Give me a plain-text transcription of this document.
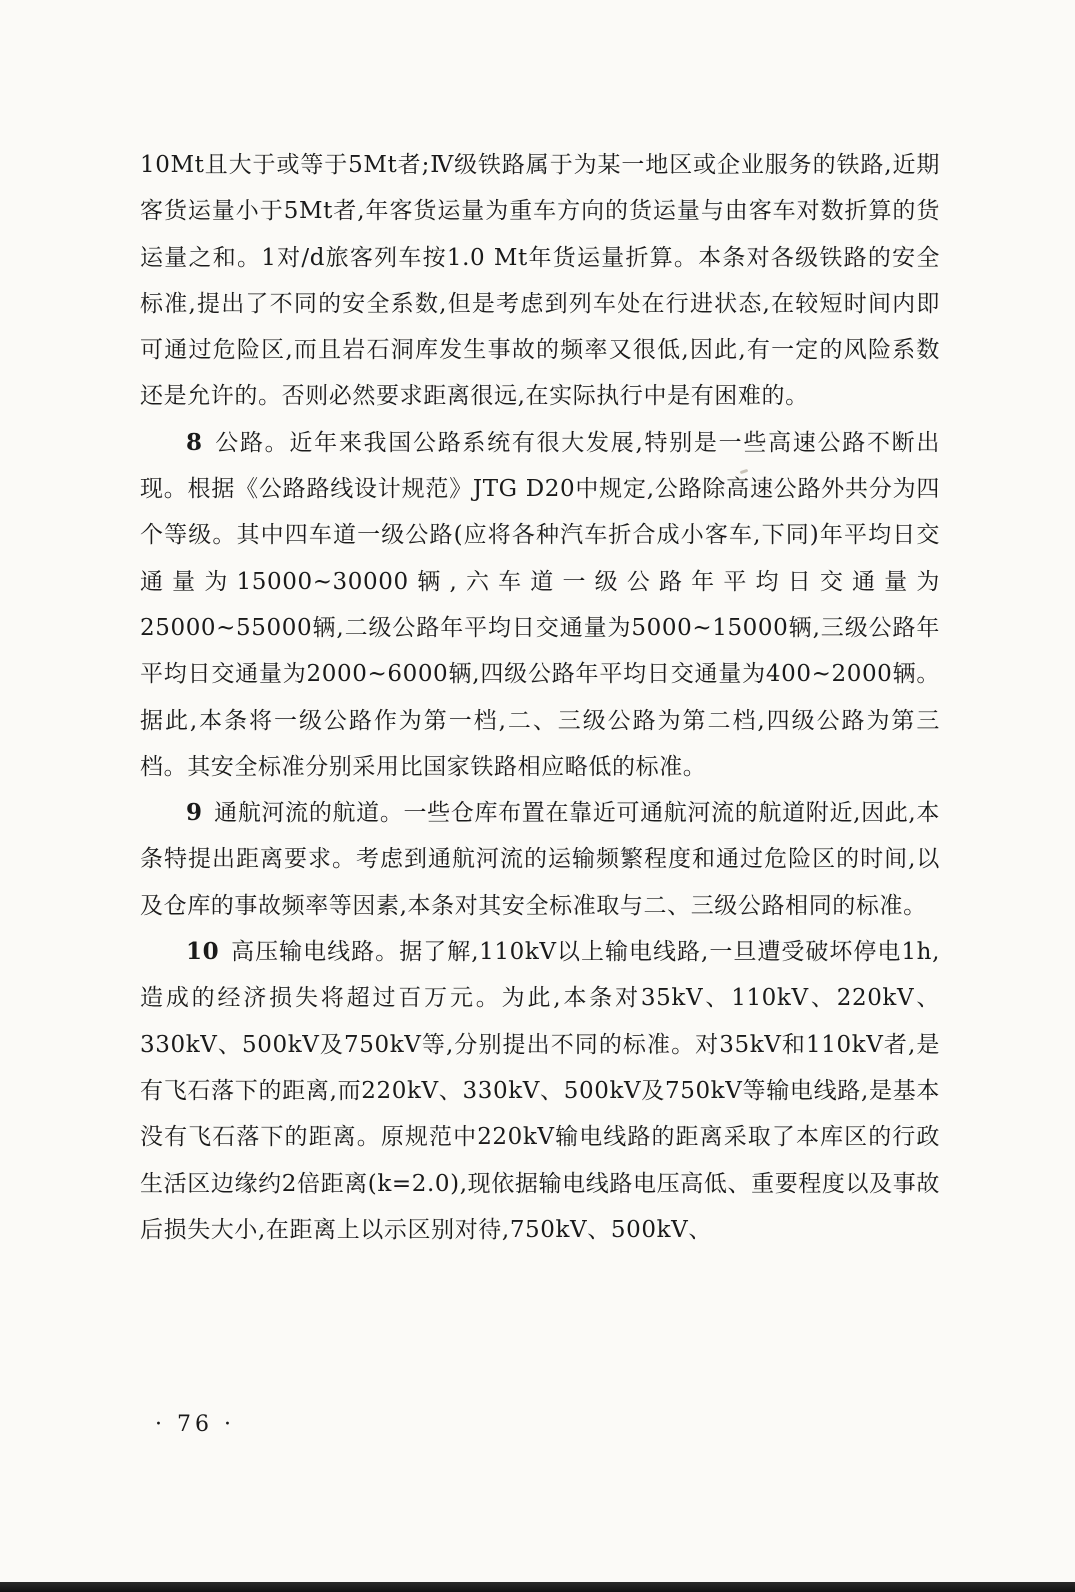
10Mt且大于或等于5Mt者;Ⅳ级铁路属于为某一地区或企业服务的铁路,近期客货运量小于5Mt者,年客货运量为重车方向的货运量与由客车对数折算的货运量之和。1对/d旅客列车按1.0 Mt年货运量折算。本条对各级铁路的安全标准,提出了不同的安全系数,但是考虑到列车处在行进状态,在较短时间内即可通过危险区,而且岩石洞库发生事故的频率又很低,因此,有一定的风险系数还是允许的。否则必然要求距离很远,在实际执行中是有困难的。

8 公路。近年来我国公路系统有很大发展,特别是一些高速公路不断出现。根据《公路路线设计规范》JTG D20中规定,公路除高速公路外共分为四个等级。其中四车道一级公路(应将各种汽车折合成小客车,下同)年平均日交通量为15000~30000辆,六车道一级公路年平均日交通量为25000~55000辆,二级公路年平均日交通量为5000~15000辆,三级公路年平均日交通量为2000~6000辆,四级公路年平均日交通量为400~2000辆。据此,本条将一级公路作为第一档,二、三级公路为第二档,四级公路为第三档。其安全标准分别采用比国家铁路相应略低的标准。

9 通航河流的航道。一些仓库布置在靠近可通航河流的航道附近,因此,本条特提出距离要求。考虑到通航河流的运输频繁程度和通过危险区的时间,以及仓库的事故频率等因素,本条对其安全标准取与二、三级公路相同的标准。

10 高压输电线路。据了解,110kV以上输电线路,一旦遭受破坏停电1h,造成的经济损失将超过百万元。为此,本条对35kV、110kV、220kV、330kV、500kV及750kV等,分别提出不同的标准。对35kV和110kV者,是有飞石落下的距离,而220kV、330kV、500kV及750kV等输电线路,是基本没有飞石落下的距离。原规范中220kV输电线路的距离采取了本库区的行政生活区边缘约2倍距离(k=2.0),现依据输电线路电压高低、重要程度以及事故后损失大小,在距离上以示区别对待,750kV、500kV、

· 76 ·
